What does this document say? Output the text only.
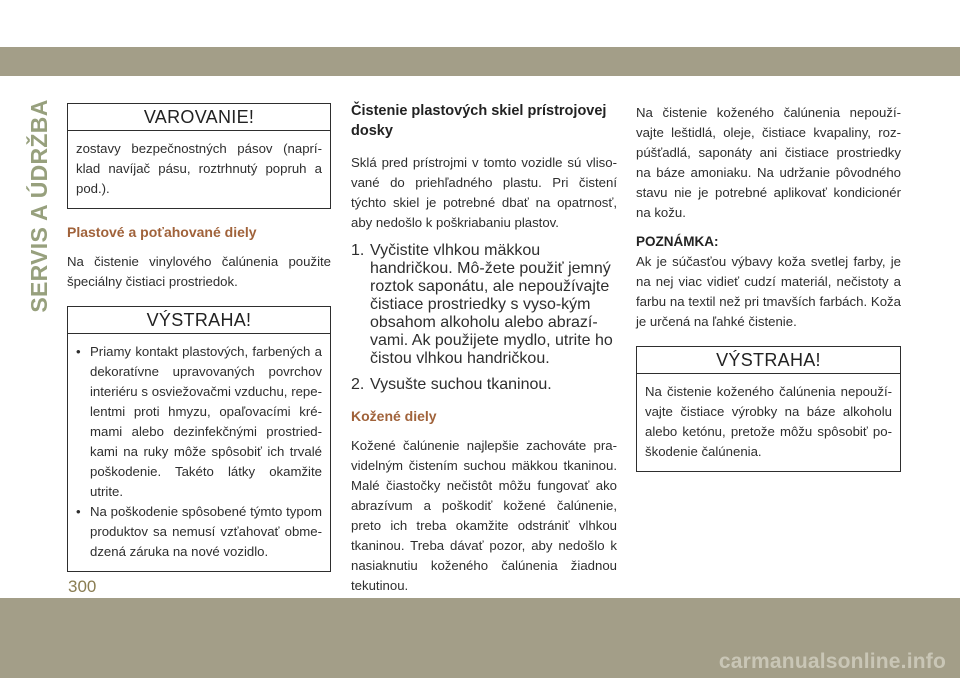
SERVIS A ÚDRŽBA	VAROVANIE!
zostavy bezpečnostných pásov (naprí-klad navíjač pásu, roztrhnutý popruh a pod.).
Plastové a poťahované diely

Na čistenie vinylového čalúnenia použite špeciálny čistiaci prostriedok.

VÝSTRAHA!
• Priamy kontakt plastových, farbených a dekoratívne upravovaných povrchov interiéru s osviežovačmi vzduchu, repe-lentmi proti hmyzu, opaľovacími kré-mami alebo dezinfekčnými prostried-kami na ruky môže spôsobiť ich trvalé poškodenie. Takéto látky okamžite utrite.
• Na poškodenie spôsobené týmto typom produktov sa nemusí vzťahovať obme-dzená záruka na nové vozidlo.
Čistenie plastových skiel prístrojovej dosky

Sklá pred prístrojmi v tomto vozidle sú vliso-vané do priehľadného plastu. Pri čistení týchto skiel je potrebné dbať na opatrnosť, aby nedošlo k poškriabaniu plastov.

1. Vyčistite vlhkou mäkkou handričkou. Mô-žete použiť jemný roztok saponátu, ale nepoužívajte čistiace prostriedky s vyso-kým obsahom alkoholu alebo abrazí-vami. Ak použijete mydlo, utrite ho čistou vlhkou handričkou.
2. Vysušte suchou tkaninou.
Kožené diely

Kožené čalúnenie najlepšie zachováte pra-videlným čistením suchou mäkkou tkaninou. Malé čiastočky nečistôt môžu fungovať ako abrazívum a poškodiť kožené čalúnenie, preto ich treba okamžite odstrániť vlhkou tkaninou. Treba dávať pozor, aby nedošlo k nasiaknutiu koženého čalúnenia žiadnou tekutinou.

Na čistenie koženého čalúnenia nepouží-vajte leštidlá, oleje, čistiace kvapaliny, roz-púšťadlá, saponáty ani čistiace prostriedky na báze amoniaku. Na udržanie pôvodného stavu nie je potrebné aplikovať kondicionér na kožu.

POZNÁMKA:

Ak je súčasťou výbavy koža svetlej farby, je na nej viac vidieť cudzí materiál, nečistoty a farbu na textil než pri tmavších farbách. Koža je určená na ľahké čistenie.

VÝSTRAHA!
Na čistenie koženého čalúnenia nepouží-vajte čistiace výrobky na báze alkoholu alebo ketónu, pretože môžu spôsobiť po-škodenie čalúnenia.
300
carmanualsonline.info
